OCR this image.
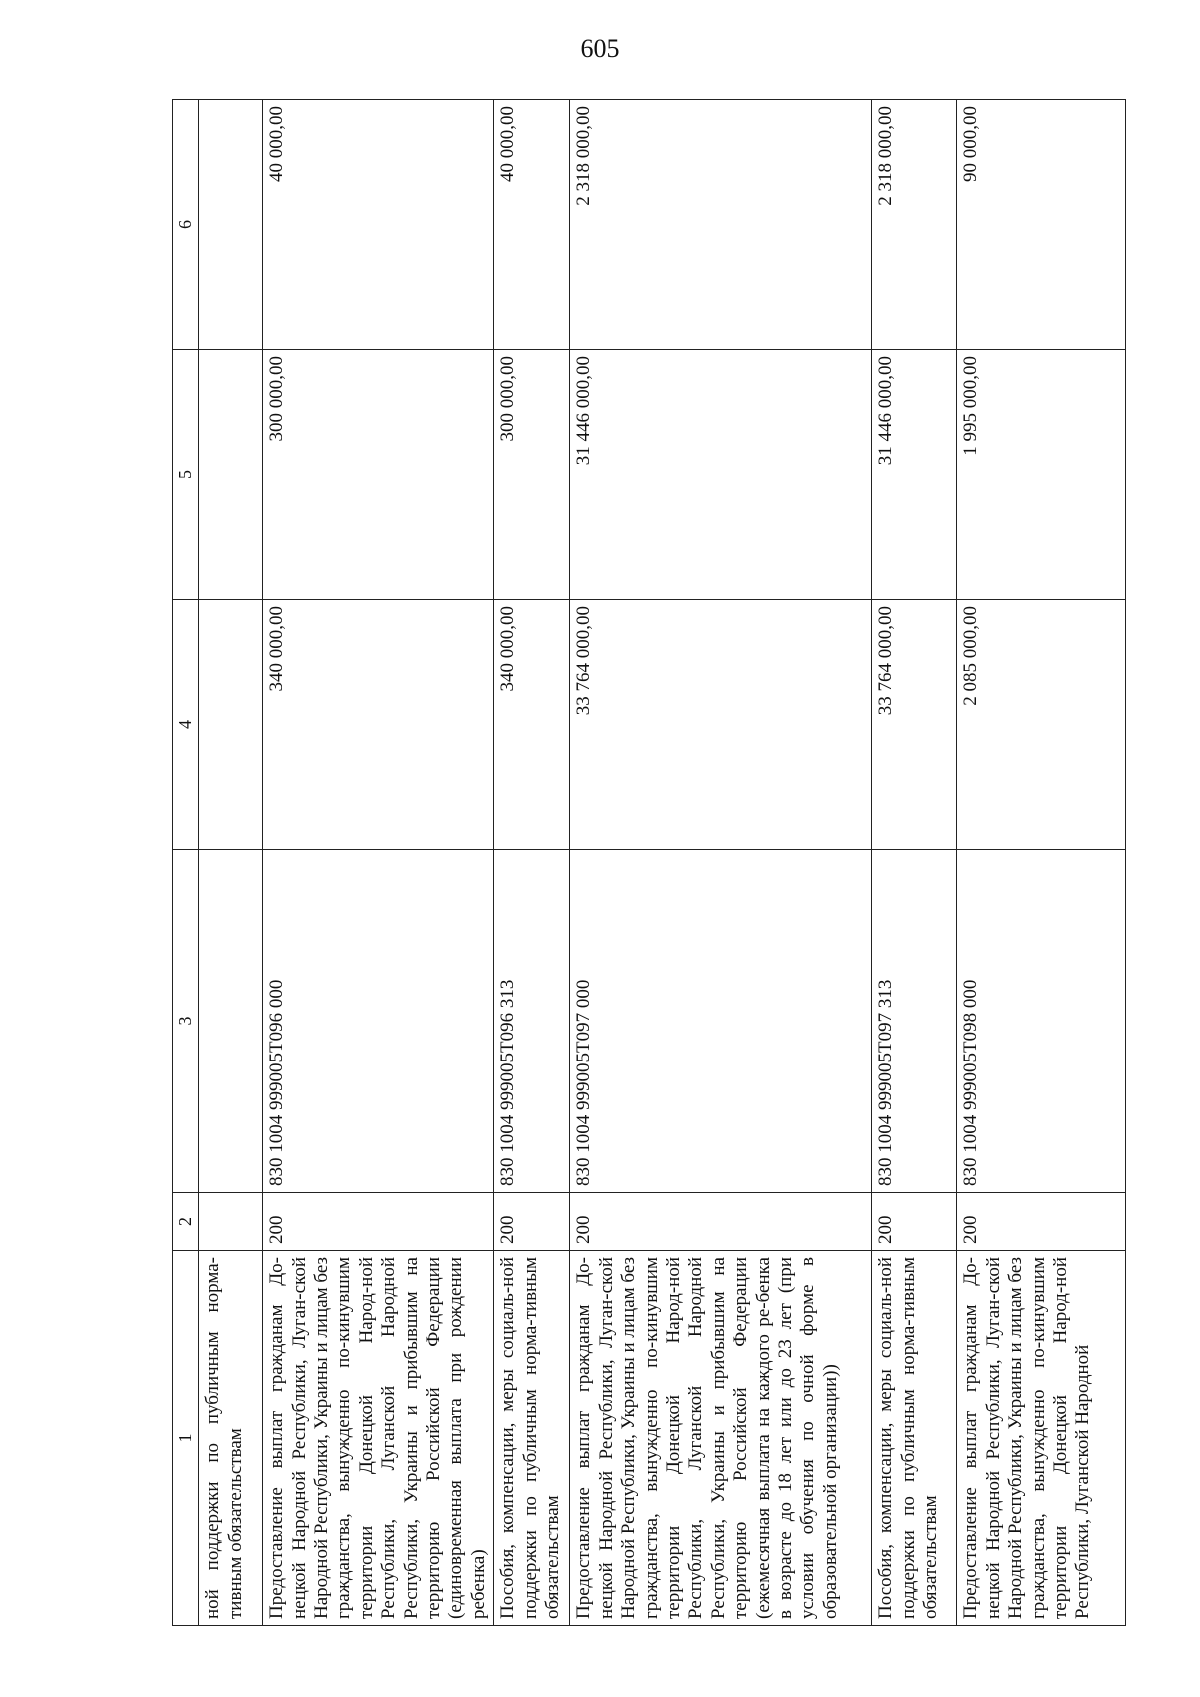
605
1	2	3	4	5	6
ной поддержки по публичным норма-тивным обязательствам					
Предоставление выплат гражданам До-нецкой Народной Республики, Луган-ской Народной Республики, Украины и лицам без гражданства, вынужденно по-кинувшим территории Донецкой Народ-ной Республики, Луганской Народной Республики, Украины и прибывшим на территорию Российской Федерации (единовременная выплата при рождении ребенка)	200	830 1004 999005Т096 000	340 000,00	300 000,00	40 000,00
Пособия, компенсации, меры социаль-ной поддержки по публичным норма-тивным обязательствам	200	830 1004 999005Т096 313	340 000,00	300 000,00	40 000,00
Предоставление выплат гражданам До-нецкой Народной Республики, Луган-ской Народной Республики, Украины и лицам без гражданства, вынужденно по-кинувшим территории Донецкой Народ-ной Республики, Луганской Народной Республики, Украины и прибывшим на территорию Российской Федерации (ежемесячная выплата на каждого ре-бенка в возрасте до 18 лет или до 23 лет (при условии обучения по очной форме в образовательной организации))	200	830 1004 999005Т097 000	33 764 000,00	31 446 000,00	2 318 000,00
Пособия, компенсации, меры социаль-ной поддержки по публичным норма-тивным обязательствам	200	830 1004 999005Т097 313	33 764 000,00	31 446 000,00	2 318 000,00
Предоставление выплат гражданам До-нецкой Народной Республики, Луган-ской Народной Республики, Украины и лицам без гражданства, вынужденно по-кинувшим территории Донецкой Народ-ной Республики, Луганской Народной	200	830 1004 999005Т098 000	2 085 000,00	1 995 000,00	90 000,00
